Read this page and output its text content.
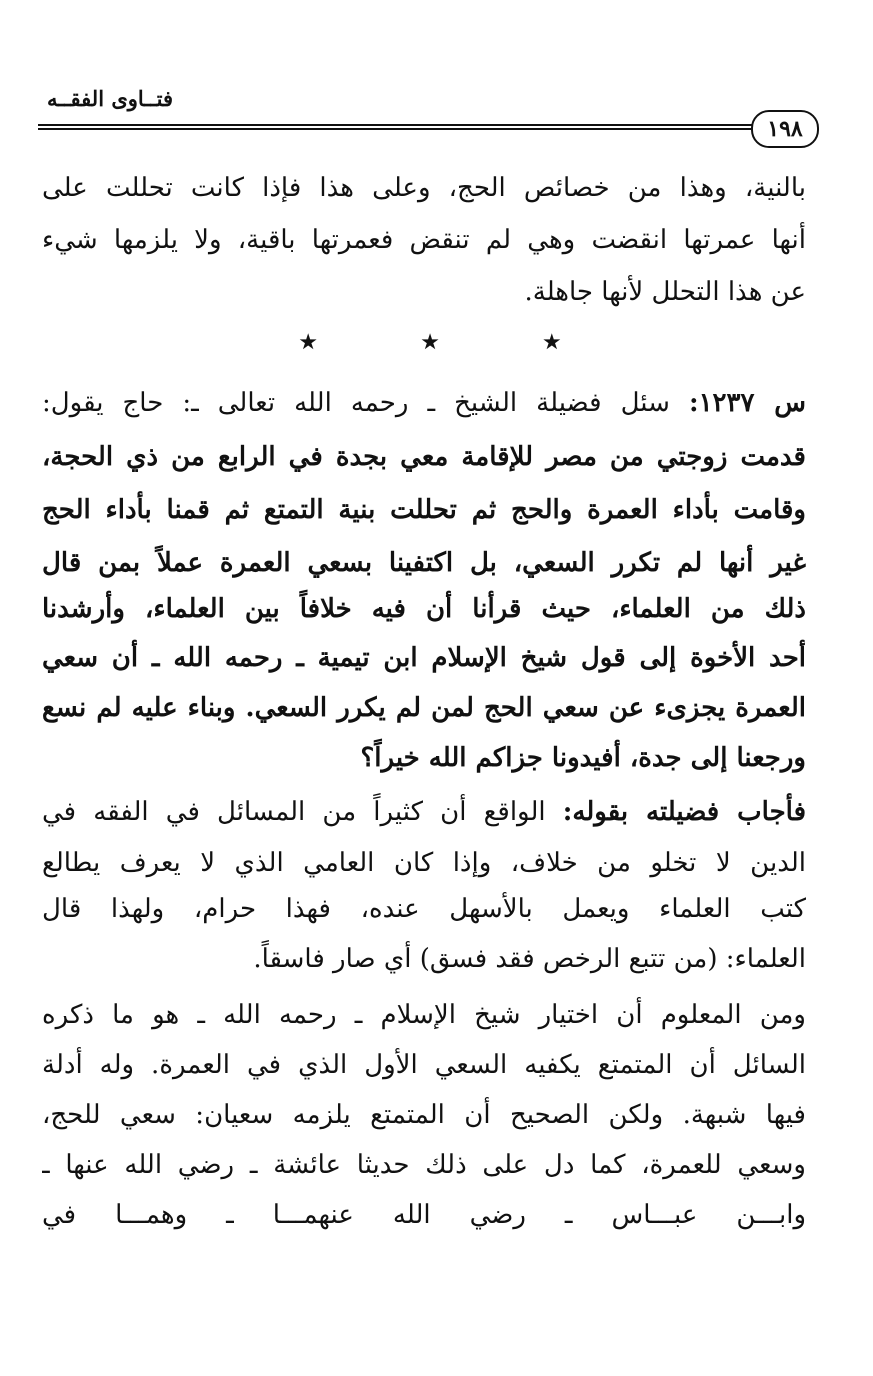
فتــاوى الفقــه
١٩٨
بالنية، وهذا من خصائص الحج، وعلى هذا فإذا كانت تحللت على
أنها عمرتها انقضت وهي لم تنقض فعمرتها باقية، ولا يلزمها شيء
عن هذا التحلل لأنها جاهلة.
٭	٭	٭
س ١٢٣٧: سئل فضيلة الشيخ ـ رحمه الله تعالى ـ: حاج يقول:
قدمت زوجتي من مصر للإقامة معي بجدة في الرابع من ذي الحجة،
وقامت بأداء العمرة والحج ثم تحللت بنية التمتع ثم قمنا بأداء الحج
غير أنها لم تكرر السعي، بل اكتفينا بسعي العمرة عملاً بمن قال
ذلك من العلماء، حيث قرأنا أن فيه خلافاً بين العلماء، وأرشدنا
أحد الأخوة إلى قول شيخ الإسلام ابن تيمية ـ رحمه الله ـ أن سعي
العمرة يجزىء عن سعي الحج لمن لم يكرر السعي. وبناء عليه لم نسع
ورجعنا إلى جدة، أفيدونا جزاكم الله خيراً؟
فأجاب فضيلته بقوله: الواقع أن كثيراً من المسائل في الفقه في
الدين لا تخلو من خلاف، وإذا كان العامي الذي لا يعرف يطالع
كتب العلماء ويعمل بالأسهل عنده، فهذا حرام، ولهذا قال
العلماء: (من تتبع الرخص فقد فسق) أي صار فاسقاً.
ومن المعلوم أن اختيار شيخ الإسلام ـ رحمه الله ـ هو ما ذكره
السائل أن المتمتع يكفيه السعي الأول الذي في العمرة. وله أدلة
فيها شبهة. ولكن الصحيح أن المتمتع يلزمه سعيان: سعي للحج،
وسعي للعمرة، كما دل على ذلك حديثا عائشة ـ رضي الله عنها ـ
وابـــن عبـــاس ـ رضي الله عنهمـــا ـ وهمـــا في
